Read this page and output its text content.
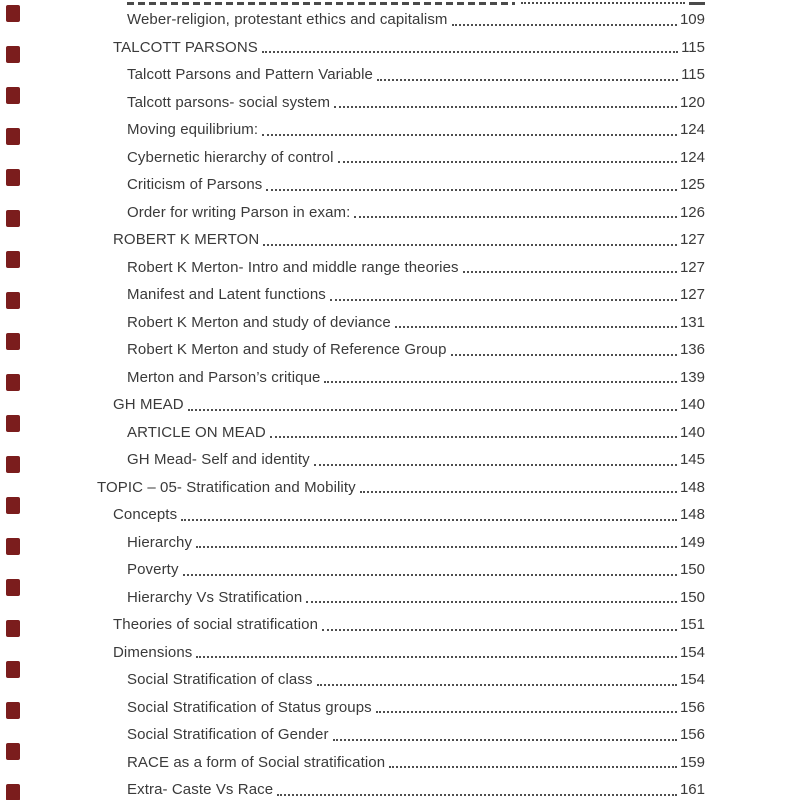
Weber-religion, protestant ethics and capitalism	109
TALCOTT PARSONS	115
Talcott Parsons and Pattern Variable	115
Talcott parsons- social system	120
Moving equilibrium:	124
Cybernetic hierarchy of control	124
Criticism of Parsons	125
Order for writing Parson in exam:	126
ROBERT K MERTON	127
Robert K Merton- Intro and middle range theories	127
Manifest and Latent functions	127
Robert K Merton and study of deviance	131
Robert K Merton and study of Reference Group	136
Merton and Parson’s critique	139
GH MEAD	140
ARTICLE ON MEAD	140
GH Mead- Self and identity	145
TOPIC – 05- Stratification and Mobility	148
Concepts	148
Hierarchy	149
Poverty	150
Hierarchy Vs Stratification	150
Theories of social stratification	151
Dimensions	154
Social Stratification of class	154
Social Stratification of Status groups	156
Social Stratification of Gender	156
RACE as a form of Social stratification	159
Extra- Caste Vs Race	161
